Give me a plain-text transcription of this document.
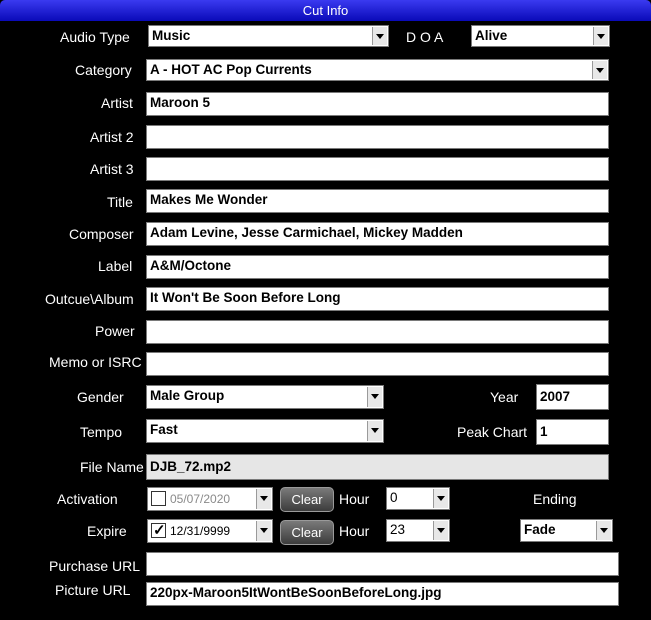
Cut Info
Audio Type Music	D O A Alive
Category A - HOT AC Pop Currents
Artist Maroon 5
Artist 2
Artist 3
Title Makes Me Wonder
Composer Adam Levine, Jesse Carmichael, Mickey Madden
Label A&M/Octone
Outcue\Album It Won't Be Soon Before Long
Power
Memo or ISRC
Gender Male Group	Year 2007
Tempo Fast	Peak Chart 1
File Name DJB_72.mp2
Activation	05/07/2020	Clear	Hour 0	Ending
Expire
✓	12/31/9999	Clear	Hour 23	Fade
Purchase URL
Picture URL 220px-Maroon5ItWontBeSoonBeforeLong.jpg
